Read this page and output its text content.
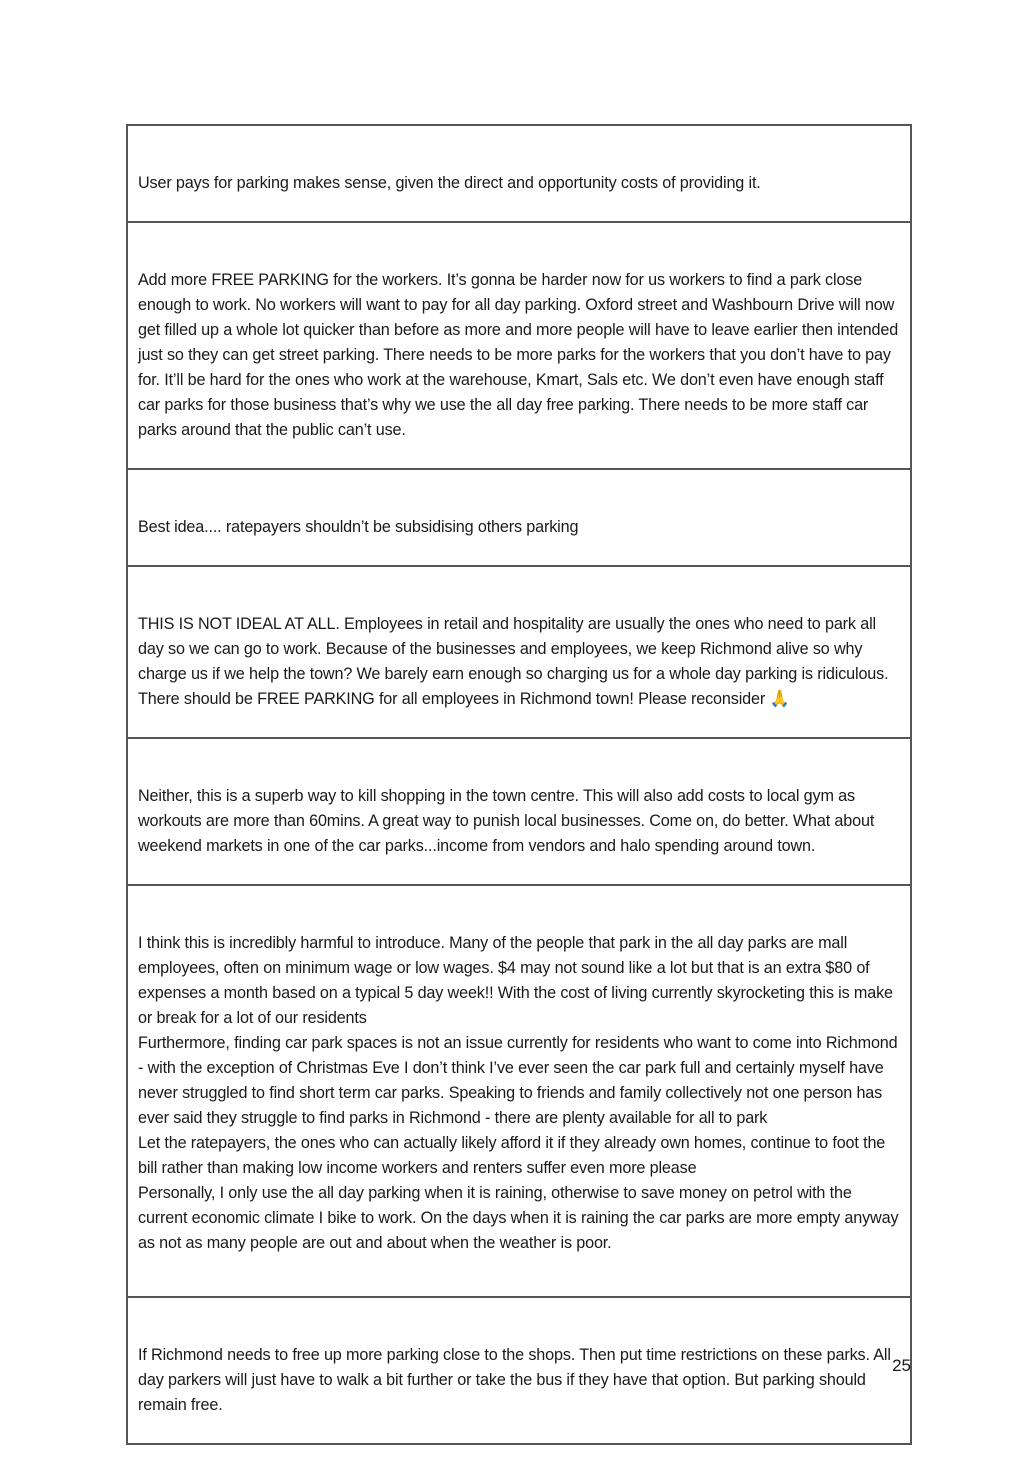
User pays for parking makes sense, given the direct and opportunity costs of providing it.

Add more FREE PARKING for the workers. It’s gonna be harder now for us workers to find a park close enough to work. No workers will want to pay for all day parking. Oxford street and Washbourn Drive will now get filled up a whole lot quicker than before as more and more people will have to leave earlier then intended just so they can get street parking. There needs to be more parks for the workers that you don’t have to pay for. It’ll be hard for the ones who work at the warehouse, Kmart, Sals etc. We don’t even have enough staff car parks for those business that’s why we use the all day free parking. There needs to be more staff car parks around that the public can’t use.

Best idea.... ratepayers shouldn’t be subsidising others parking

THIS IS NOT IDEAL AT ALL. Employees in retail and hospitality are usually the ones who need to park all day so we can go to work. Because of the businesses and employees, we keep Richmond alive so why charge us if we help the town? We barely earn enough so charging us for a whole day parking is ridiculous. There should be FREE PARKING for all employees in Richmond town! Please reconsider 🙏

Neither, this is a superb way to kill shopping in the town centre. This will also add costs to local gym as workouts are more than 60mins. A great way to punish local businesses. Come on, do better. What about weekend markets in one of the car parks...income from vendors and halo spending around town.

I think this is incredibly harmful to introduce. Many of the people that park in the all day parks are mall employees, often on minimum wage or low wages. $4 may not sound like a lot but that is an extra $80 of expenses a month based on a typical 5 day week!! With the cost of living currently skyrocketing this is make or break for a lot of our residents
Furthermore, finding car park spaces is not an issue currently for residents who want to come into Richmond - with the exception of Christmas Eve I don’t think I’ve ever seen the car park full and certainly myself have never struggled to find short term car parks. Speaking to friends and family collectively not one person has ever said they struggle to find parks in Richmond - there are plenty available for all to park
Let the ratepayers, the ones who can actually likely afford it if they already own homes, continue to foot the bill rather than making low income workers and renters suffer even more please
Personally, I only use the all day parking when it is raining, otherwise to save money on petrol with the current economic climate I bike to work. On the days when it is raining the car parks are more empty anyway as not as many people are out and about when the weather is poor.

If Richmond needs to free up more parking close to the shops. Then put time restrictions on these parks. All day parkers will just have to walk a bit further or take the bus if they have that option. But parking should remain free.

25
